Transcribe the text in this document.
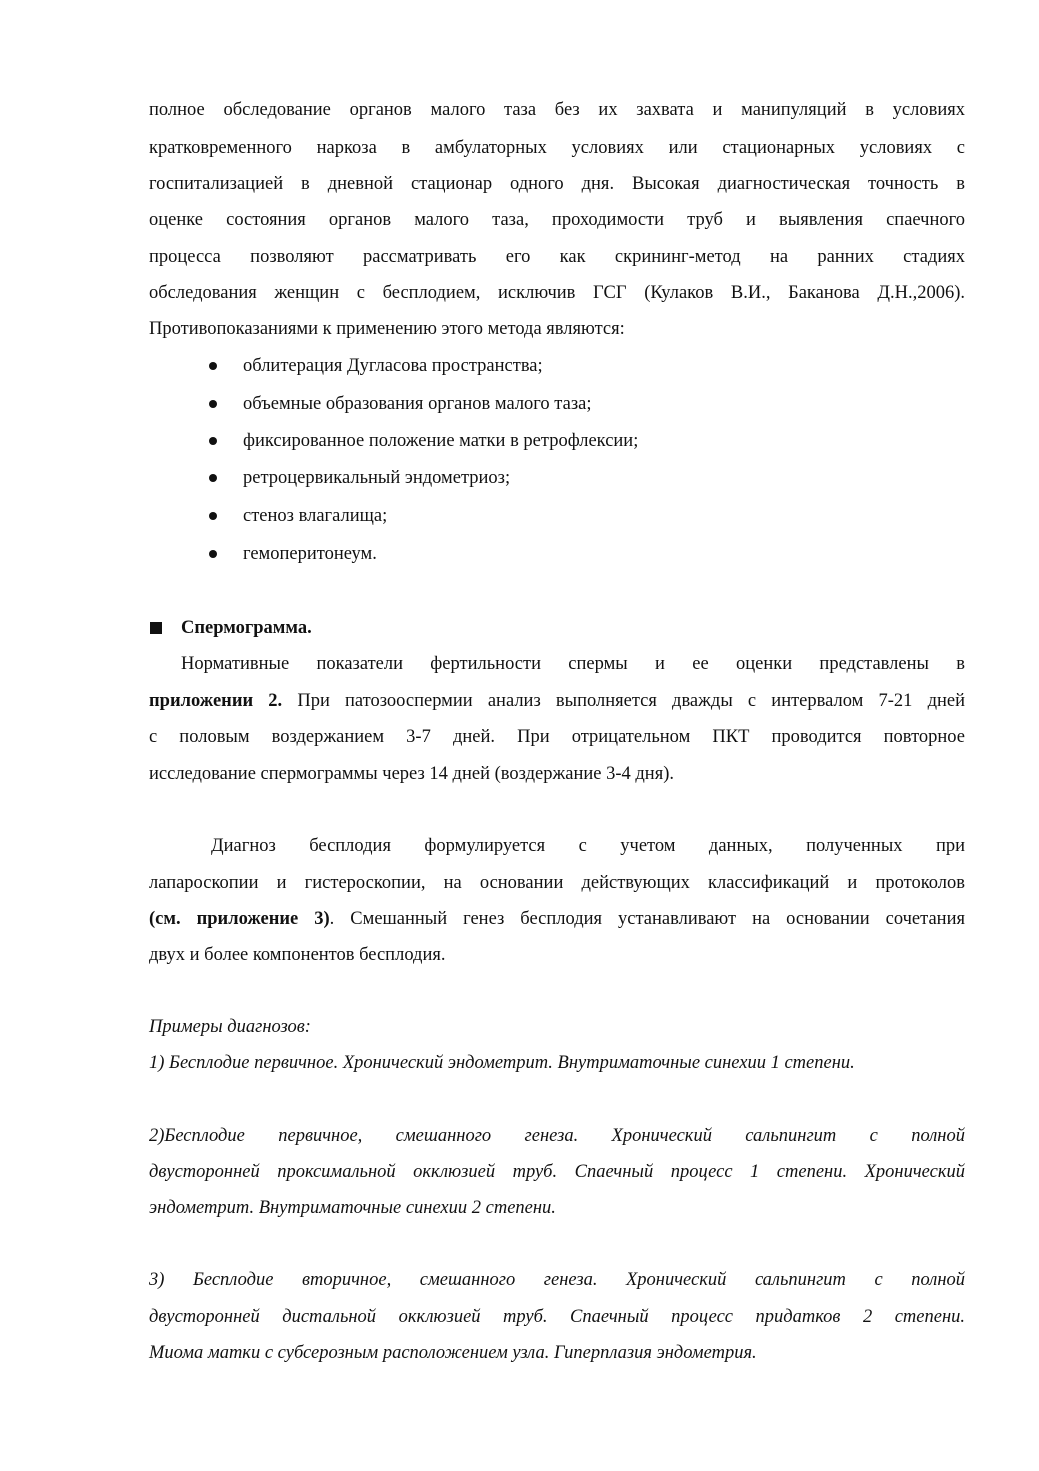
полное обследование органов малого таза без их захвата и манипуляций в условиях

кратковременного наркоза в амбулаторных условиях или стационарных условиях с

госпитализацией в дневной стационар одного дня. Высокая диагностическая точность в

оценке состояния органов малого таза, проходимости труб и выявления спаечного

процесса позволяют рассматривать его как скрининг-метод на ранних стадиях

обследования женщин с бесплодием, исключив ГСГ (Кулаков В.И., Баканова Д.Н.,2006).

Противопоказаниями к применению этого метода являются:

облитерация Дугласова пространства;

объемные образования органов малого таза;

фиксированное положение матки в ретрофлексии;

ретроцервикальный эндометриоз;

стеноз влагалища;

гемоперитонеум.

Спермограмма.

Нормативные показатели фертильности спермы и ее оценки представлены в

приложении 2. При патозооспермии анализ выполняется дважды с интервалом 7-21 дней

с половым воздержанием 3-7 дней. При отрицательном ПКТ проводится повторное

исследование спермограммы через 14 дней (воздержание 3-4 дня).

Диагноз бесплодия формулируется с учетом данных, полученных при

лапароскопии и гистероскопии, на основании действующих классификаций и протоколов

(см. приложение 3). Смешанный генез бесплодия устанавливают на основании сочетания

двух и более компонентов бесплодия.

Примеры диагнозов:

1) Бесплодие первичное. Хронический эндометрит. Внутриматочные синехии 1 степени.

2)Бесплодие первичное, смешанного генеза. Хронический сальпингит с полной

двусторонней проксимальной окклюзией труб. Спаечный процесс 1 степени. Хронический

эндометрит. Внутриматочные синехии 2 степени.

3) Бесплодие вторичное, смешанного генеза. Хронический сальпингит с полной

двусторонней дистальной окклюзией труб. Спаечный процесс придатков 2 степени.

Миома матки с субсерозным расположением узла. Гиперплазия эндометрия.
